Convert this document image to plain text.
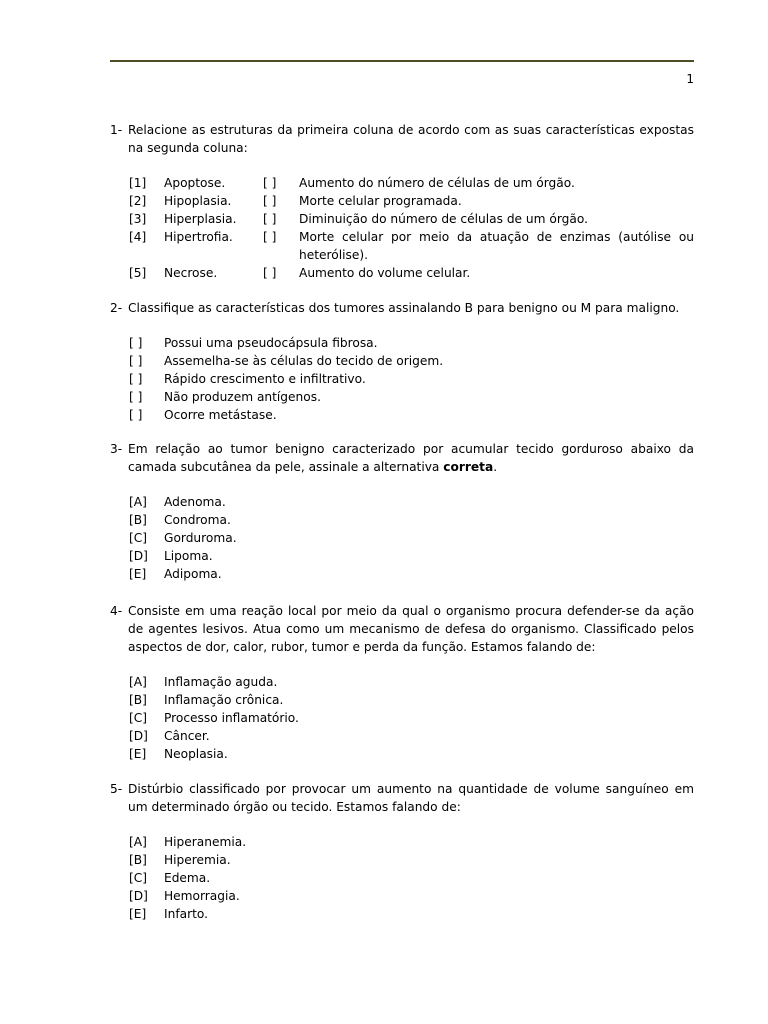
1
1- Relacione as estruturas da primeira coluna de acordo com as suas características expostas na segunda coluna:
[1]	Apoptose.	[ ]	Aumento do número de células de um órgão.
[2]	Hipoplasia.	[ ]	Morte celular programada.
[3]	Hiperplasia.	[ ]	Diminuição do número de células de um órgão.
[4]	Hipertrofia.	[ ]	Morte celular por meio da atuação de enzimas (autólise ou heterólise).
[5]	Necrose.	[ ]	Aumento do volume celular.
2- Classifique as características dos tumores assinalando B para benigno ou M para maligno.
[ ]	Possui uma pseudocápsula fibrosa.
[ ]	Assemelha-se às células do tecido de origem.
[ ]	Rápido crescimento e infiltrativo.
[ ]	Não produzem antígenos.
[ ]	Ocorre metástase.
3- Em relação ao tumor benigno caracterizado por acumular tecido gorduroso abaixo da camada subcutânea da pele, assinale a alternativa correta.
[A]	Adenoma.
[B]	Condroma.
[C]	Gorduroma.
[D]	Lipoma.
[E]	Adipoma.
4- Consiste em uma reação local por meio da qual o organismo procura defender-se da ação de agentes lesivos. Atua como um mecanismo de defesa do organismo. Classificado pelos aspectos de dor, calor, rubor, tumor e perda da função. Estamos falando de:
[A]	Inflamação aguda.
[B]	Inflamação crônica.
[C]	Processo inflamatório.
[D]	Câncer.
[E]	Neoplasia.
5- Distúrbio classificado por provocar um aumento na quantidade de volume sanguíneo em um determinado órgão ou tecido. Estamos falando de:
[A]	Hiperanemia.
[B]	Hiperemia.
[C]	Edema.
[D]	Hemorragia.
[E]	Infarto.
